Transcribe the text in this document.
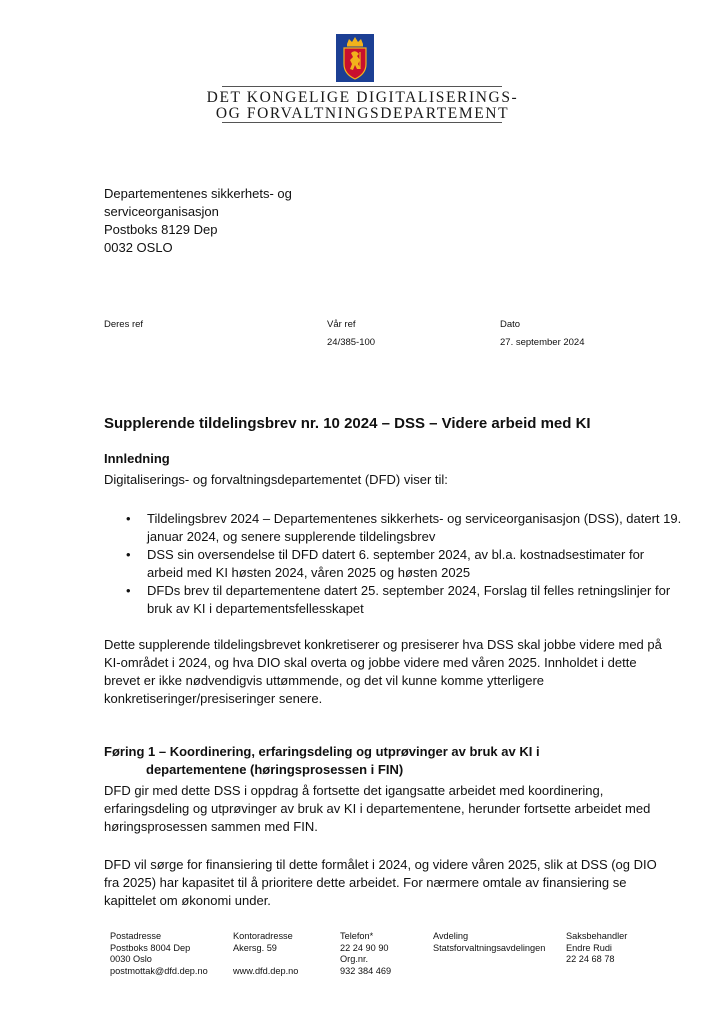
DET KONGELIGE DIGITALISERINGS-
OG FORVALTNINGSDEPARTEMENT
Departementenes sikkerhets- og
serviceorganisasjon
Postboks 8129 Dep
0032 OSLO
Deres ref	Vår ref
24/385-100
Dato
27. september 2024
Supplerende tildelingsbrev nr. 10 2024 – DSS – Videre arbeid med KI
Innledning
Digitaliserings- og forvaltningsdepartementet (DFD) viser til:
• Tildelingsbrev 2024 – Departementenes sikkerhets- og serviceorganisasjon (DSS), datert 19. januar 2024, og senere supplerende tildelingsbrev
• DSS sin oversendelse til DFD datert 6. september 2024, av bl.a. kostnadsestimater for arbeid med KI høsten 2024, våren 2025 og høsten 2025
• DFDs brev til departementene datert 25. september 2024, Forslag til felles retningslinjer for bruk av KI i departementsfellesskapet
Dette supplerende tildelingsbrevet konkretiserer og presiserer hva DSS skal jobbe videre med på KI-området i 2024, og hva DIO skal overta og jobbe videre med våren 2025. Innholdet i dette brevet er ikke nødvendigvis uttømmende, og det vil kunne komme ytterligere konkretiseringer/presiseringer senere.
Føring 1 – Koordinering, erfaringsdeling og utprøvinger av bruk av KI i
departementene (høringsprosessen i FIN)
DFD gir med dette DSS i oppdrag å fortsette det igangsatte arbeidet med koordinering, erfaringsdeling og utprøvinger av bruk av KI i departementene, herunder fortsette arbeidet med høringsprosessen sammen med FIN.
DFD vil sørge for finansiering til dette formålet i 2024, og videre våren 2025, slik at DSS (og DIO fra 2025) har kapasitet til å prioritere dette arbeidet. For nærmere omtale av finansiering se kapittelet om økonomi under.
Postadresse
Postboks 8004 Dep
0030 Oslo
postmottak@dfd.dep.no
Kontoradresse
Akersg. 59

www.dfd.dep.no
Telefon*
22 24 90 90
Org.nr.
932 384 469
Avdeling
Statsforvaltningsavdelingen
Saksbehandler
Endre Rudi
22 24 68 78
